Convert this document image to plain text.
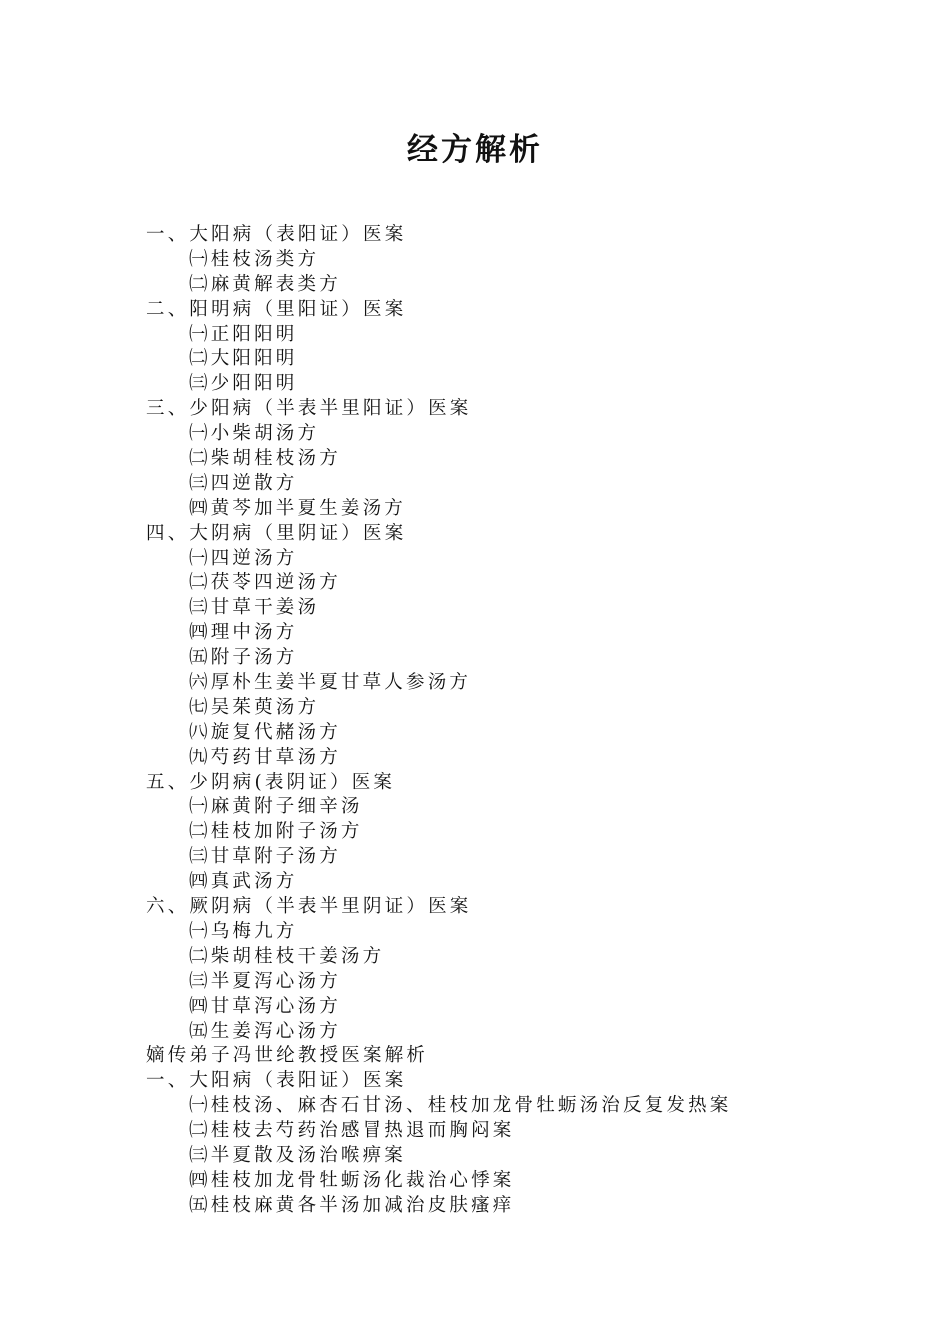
经方解析
一、大阳病（表阳证）医案
㈠桂枝汤类方
㈡麻黄解表类方
二、阳明病（里阳证）医案
㈠正阳阳明
㈡大阳阳明
㈢少阳阳明
三、少阳病（半表半里阳证）医案
㈠小柴胡汤方
㈡柴胡桂枝汤方
㈢四逆散方
㈣黄芩加半夏生姜汤方
四、大阴病（里阴证）医案
㈠四逆汤方
㈡茯苓四逆汤方
㈢甘草干姜汤
㈣理中汤方
㈤附子汤方
㈥厚朴生姜半夏甘草人参汤方
㈦吴茱萸汤方
㈧旋复代赭汤方
㈨芍药甘草汤方
五、少阴病(表阴证）医案
㈠麻黄附子细辛汤
㈡桂枝加附子汤方
㈢甘草附子汤方
㈣真武汤方
六、厥阴病（半表半里阴证）医案
㈠乌梅九方
㈡柴胡桂枝干姜汤方
㈢半夏泻心汤方
㈣甘草泻心汤方
㈤生姜泻心汤方
嫡传弟子冯世纶教授医案解析
一、大阳病（表阳证）医案
㈠桂枝汤、麻杏石甘汤、桂枝加龙骨牡蛎汤治反复发热案
㈡桂枝去芍药治感冒热退而胸闷案
㈢半夏散及汤治喉痹案
㈣桂枝加龙骨牡蛎汤化裁治心悸案
㈤桂枝麻黄各半汤加减治皮肤瘙痒
